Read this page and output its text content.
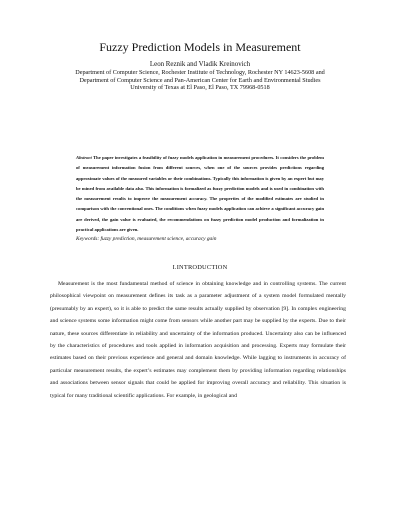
Fuzzy Prediction Models in Measurement
Leon Reznik and Vladik Kreinovich
Department of Computer Science, Rochester Institute of Technology, Rochester NY 14623-5608 and
Department of Computer Science and Pan-American Center for Earth and Environmental Studies
University of Texas at El Paso, El Paso, TX 79968-0518
Abstract The paper investigates a feasibility of fuzzy models application in measurement procedures. It considers the problem of measurement information fusion from different sources, when one of the sources provides predictions regarding approximate values of the measured variables or their combinations. Typically this information is given by an expert but may be mined from available data also. This information is formalized as fuzzy prediction models and is used in combination with the measurement results to improve the measurement accuracy. The properties of the modified estimates are studied in comparison with the conventional ones. The conditions when fuzzy models application can achieve a significant accuracy gain are derived, the gain value is evaluated, the recommendations on fuzzy prediction model production and formalization in practical applications are given.
Keywords: fuzzy prediction, measurement science, accuracy gain
I.INTRODUCTION

Measurement is the most fundamental method of science in obtaining knowledge and in controlling systems. The current philosophical viewpoint on measurement defines its task as a parameter adjustment of a system model formulated mentally (presumably by an expert), so it is able to predict the same results actually supplied by observation [9]. In complex engineering and science systems some information might come from sensors while another part may be supplied by the experts. Due to their nature, these sources differentiate in reliability and uncertainty of the information produced. Uncertainty also can be influenced by the characteristics of procedures and tools applied in information acquisition and processing. Experts may formulate their estimates based on their previous experience and general and domain knowledge. While lagging to instruments in accuracy of particular measurement results, the expert’s estimates may complement them by providing information regarding relationships and associations between sensor signals that could be applied for improving overall accuracy and reliability. This situation is typical for many traditional scientific applications. For example, in geological and
